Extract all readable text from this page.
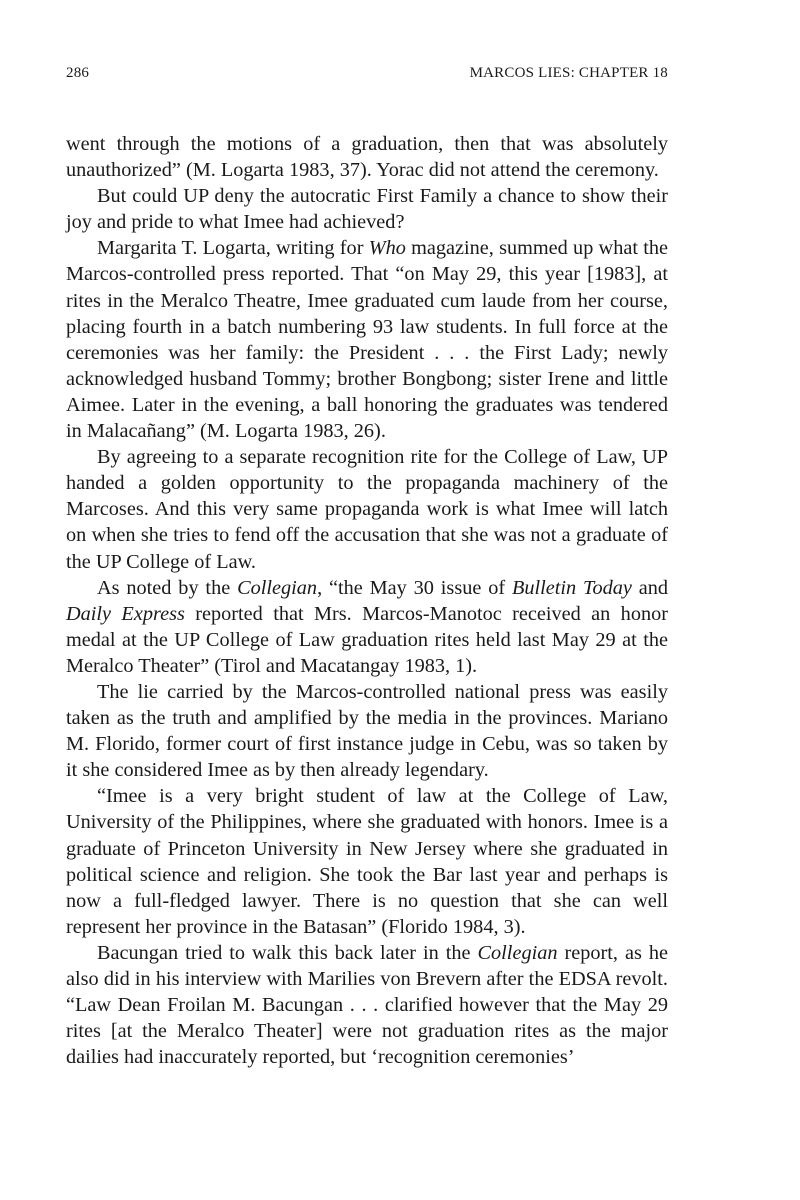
286	MARCOS LIES: CHAPTER 18

went through the motions of a graduation, then that was absolutely unauthorized” (M. Logarta 1983, 37). Yorac did not attend the ceremony.

But could UP deny the autocratic First Family a chance to show their joy and pride to what Imee had achieved?

Margarita T. Logarta, writing for Who magazine, summed up what the Marcos-controlled press reported. That “on May 29, this year [1983], at rites in the Meralco Theatre, Imee graduated cum laude from her course, placing fourth in a batch numbering 93 law students. In full force at the ceremonies was her family: the President . . . the First Lady; newly acknowledged husband Tommy; brother Bongbong; sister Irene and little Aimee. Later in the evening, a ball honoring the graduates was tendered in Malacañang” (M. Logarta 1983, 26).

By agreeing to a separate recognition rite for the College of Law, UP handed a golden opportunity to the propaganda machinery of the Marcoses. And this very same propaganda work is what Imee will latch on when she tries to fend off the accusation that she was not a graduate of the UP College of Law.

As noted by the Collegian, “the May 30 issue of Bulletin Today and Daily Express reported that Mrs. Marcos-Manotoc received an honor medal at the UP College of Law graduation rites held last May 29 at the Meralco Theater” (Tirol and Macatangay 1983, 1).

The lie carried by the Marcos-controlled national press was easily taken as the truth and amplified by the media in the provinces. Mariano M. Florido, former court of first instance judge in Cebu, was so taken by it she considered Imee as by then already legendary.

“Imee is a very bright student of law at the College of Law, University of the Philippines, where she graduated with honors. Imee is a graduate of Princeton University in New Jersey where she graduated in political science and religion. She took the Bar last year and perhaps is now a full-fledged lawyer. There is no question that she can well represent her province in the Batasan” (Florido 1984, 3).

Bacungan tried to walk this back later in the Collegian report, as he also did in his interview with Marilies von Brevern after the EDSA revolt. “Law Dean Froilan M. Bacungan . . . clarified however that the May 29 rites [at the Meralco Theater] were not graduation rites as the major dailies had inaccurately reported, but ‘recognition ceremonies’
